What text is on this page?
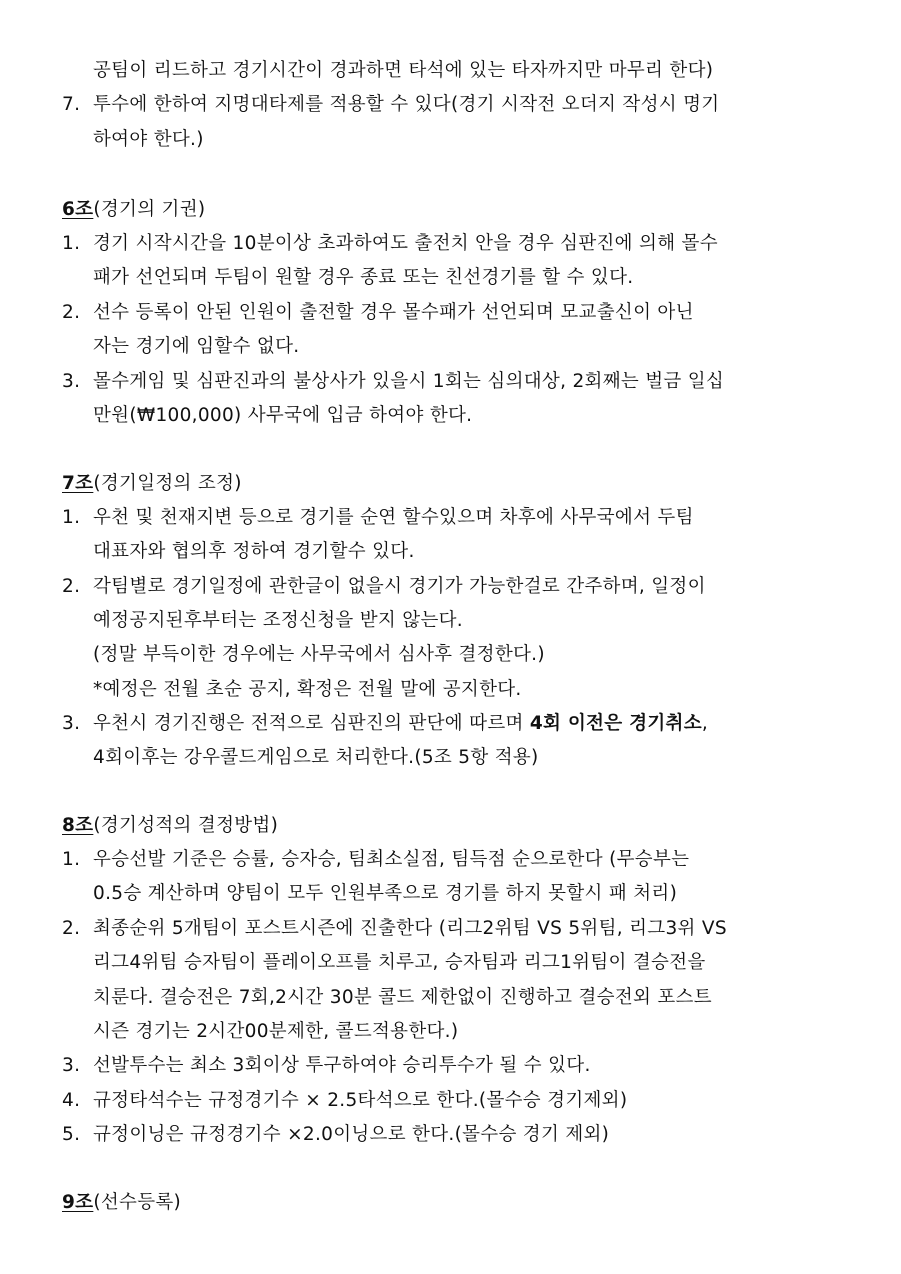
공팀이 리드하고 경기시간이 경과하면 타석에 있는 타자까지만 마무리 한다)
7. 투수에 한하여 지명대타제를 적용할 수 있다(경기 시작전 오더지 작성시 명기
하여야 한다.)
6조(경기의 기권)
1. 경기 시작시간을 10분이상 초과하여도 출전치 안을 경우 심판진에 의해 몰수
패가 선언되며 두팀이 원할 경우 종료 또는 친선경기를 할 수 있다.
2. 선수 등록이 안된 인원이 출전할 경우 몰수패가 선언되며 모교출신이 아닌
자는 경기에 임할수 없다.
3. 몰수게임 및 심판진과의 불상사가 있을시 1회는 심의대상, 2회째는 벌금 일십
만원(₩100,000) 사무국에 입금 하여야 한다.
7조(경기일정의 조정)
1. 우천 및 천재지변 등으로 경기를 순연 할수있으며 차후에 사무국에서 두팀
대표자와 협의후 정하여 경기할수 있다.
2. 각팀별로 경기일정에 관한글이 없을시 경기가 가능한걸로 간주하며, 일정이
예정공지된후부터는 조정신청을 받지 않는다.
(정말 부득이한 경우에는 사무국에서 심사후 결정한다.)
*예정은 전월 초순 공지, 확정은 전월 말에 공지한다.
3. 우천시 경기진행은 전적으로 심판진의 판단에 따르며 4회 이전은 경기취소,
4회이후는 강우콜드게임으로 처리한다.(5조 5항 적용)
8조(경기성적의 결정방법)
1. 우승선발 기준은 승률, 승자승, 팀최소실점, 팀득점 순으로한다 (무승부는
0.5승 계산하며 양팀이 모두 인원부족으로 경기를 하지 못할시 패 처리)
2. 최종순위 5개팀이 포스트시즌에 진출한다 (리그2위팀 VS 5위팀, 리그3위 VS
리그4위팀 승자팀이 플레이오프를 치루고, 승자팀과 리그1위팀이 결승전을
치룬다. 결승전은 7회,2시간 30분 콜드 제한없이 진행하고 결승전외 포스트
시즌 경기는 2시간00분제한, 콜드적용한다.)
3. 선발투수는 최소 3회이상 투구하여야 승리투수가 될 수 있다.
4. 규정타석수는 규정경기수 × 2.5타석으로 한다.(몰수승 경기제외)
5. 규정이닝은 규정경기수 ×2.0이닝으로 한다.(몰수승 경기 제외)
9조(선수등록)
